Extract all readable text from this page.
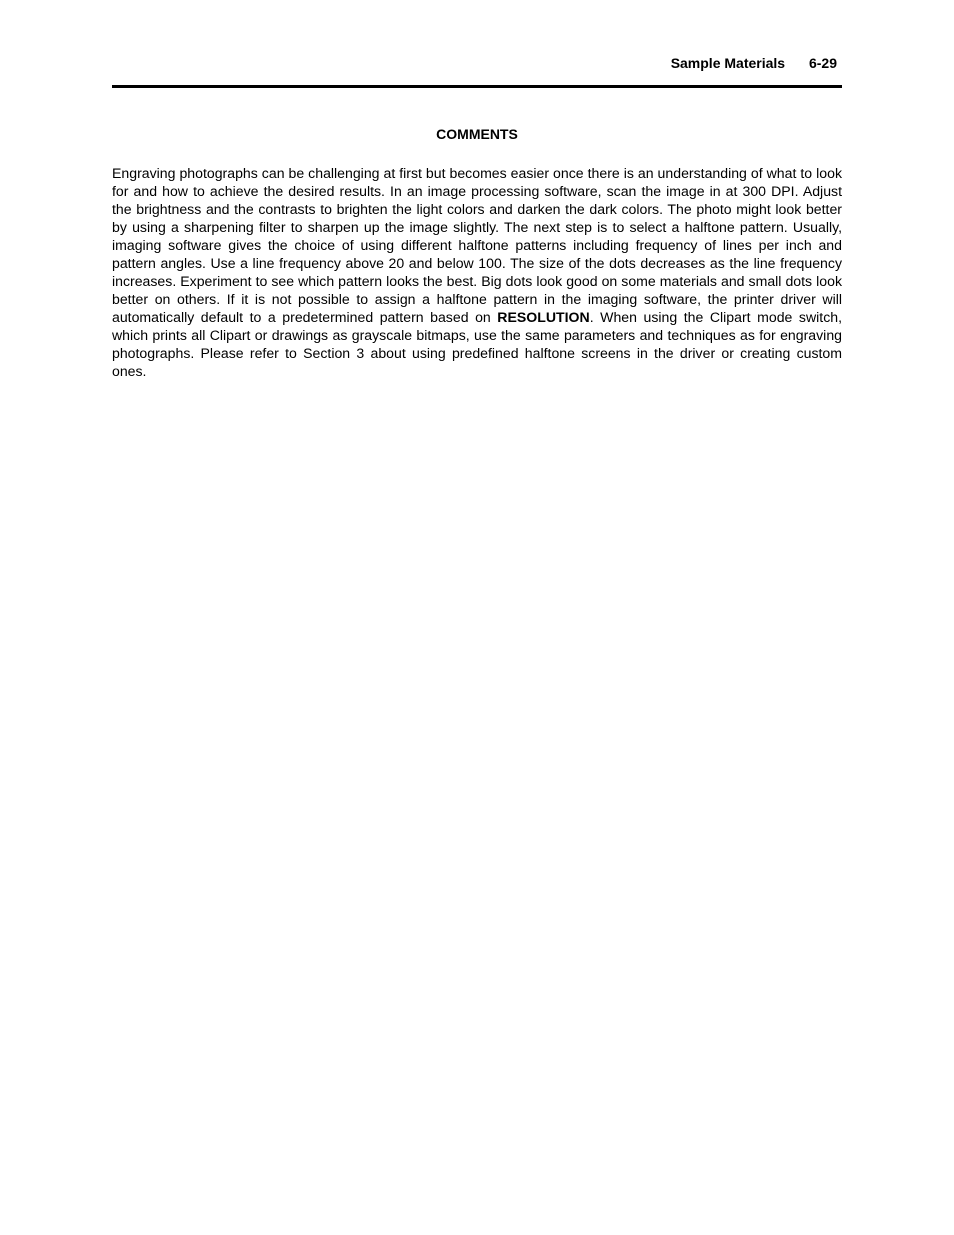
Sample Materials 6-29
COMMENTS

Engraving photographs can be challenging at first but becomes easier once there is an understanding of what to look for and how to achieve the desired results. In an image processing software, scan the image in at 300 DPI. Adjust the brightness and the contrasts to brighten the light colors and darken the dark colors. The photo might look better by using a sharpening filter to sharpen up the image slightly. The next step is to select a halftone pattern. Usually, imaging software gives the choice of using different halftone patterns including frequency of lines per inch and pattern angles. Use a line frequency above 20 and below 100. The size of the dots decreases as the line frequency increases. Experiment to see which pattern looks the best. Big dots look good on some materials and small dots look better on others. If it is not possible to assign a halftone pattern in the imaging software, the printer driver will automatically default to a predetermined pattern based on RESOLUTION. When using the Clipart mode switch, which prints all Clipart or drawings as grayscale bitmaps, use the same parameters and techniques as for engraving photographs. Please refer to Section 3 about using predefined halftone screens in the driver or creating custom ones.
